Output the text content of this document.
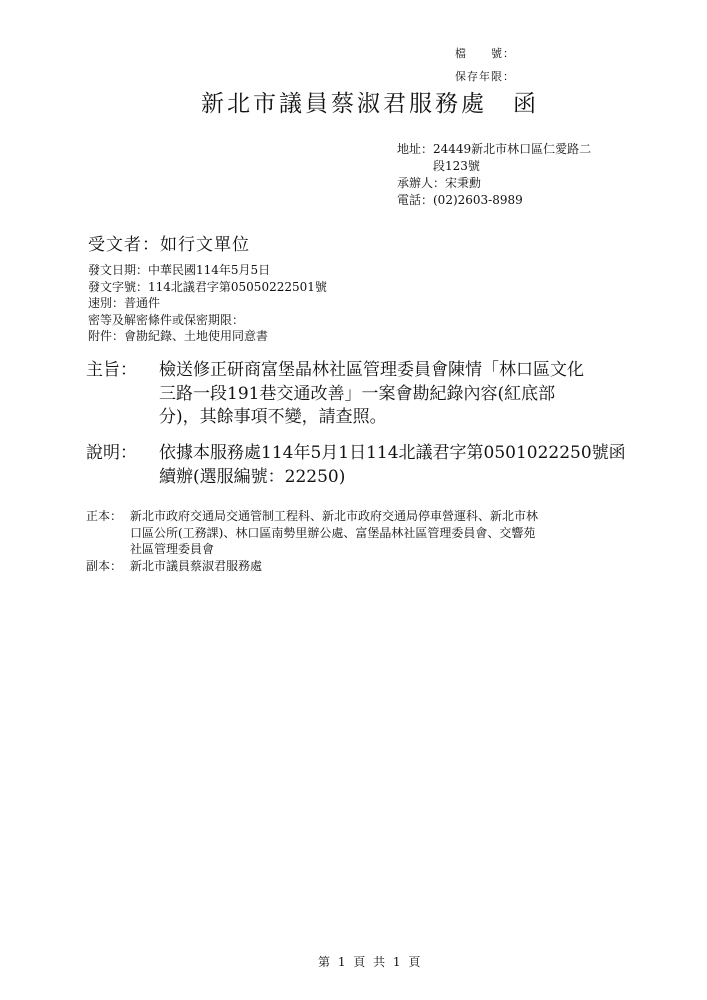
檔　　號：
保存年限：
新北市議員蔡淑君服務處　函
地址：24449新北市林口區仁愛路二
段123號
承辦人：宋秉勳
電話：(02)2603-8989
受文者：如行文單位
發文日期：中華民國114年5月5日
發文字號：114北議君字第05050222501號
速別：普通件
密等及解密條件或保密期限：
附件：會勘紀錄、土地使用同意書
主旨：	檢送修正研商富堡晶林社區管理委員會陳情「林口區文化
三路一段191巷交通改善」一案會勘紀錄內容(紅底部
分)，其餘事項不變，請查照。
說明：	依據本服務處114年5月1日114北議君字第0501022250號函
續辦(選服編號：22250)
正本： 新北市政府交通局交通管制工程科、新北市政府交通局停車營運科、新北市林
口區公所(工務課)、林口區南勢里辦公處、富堡晶林社區管理委員會、交響苑
社區管理委員會
副本： 新北市議員蔡淑君服務處
第 1 頁 共 1 頁
